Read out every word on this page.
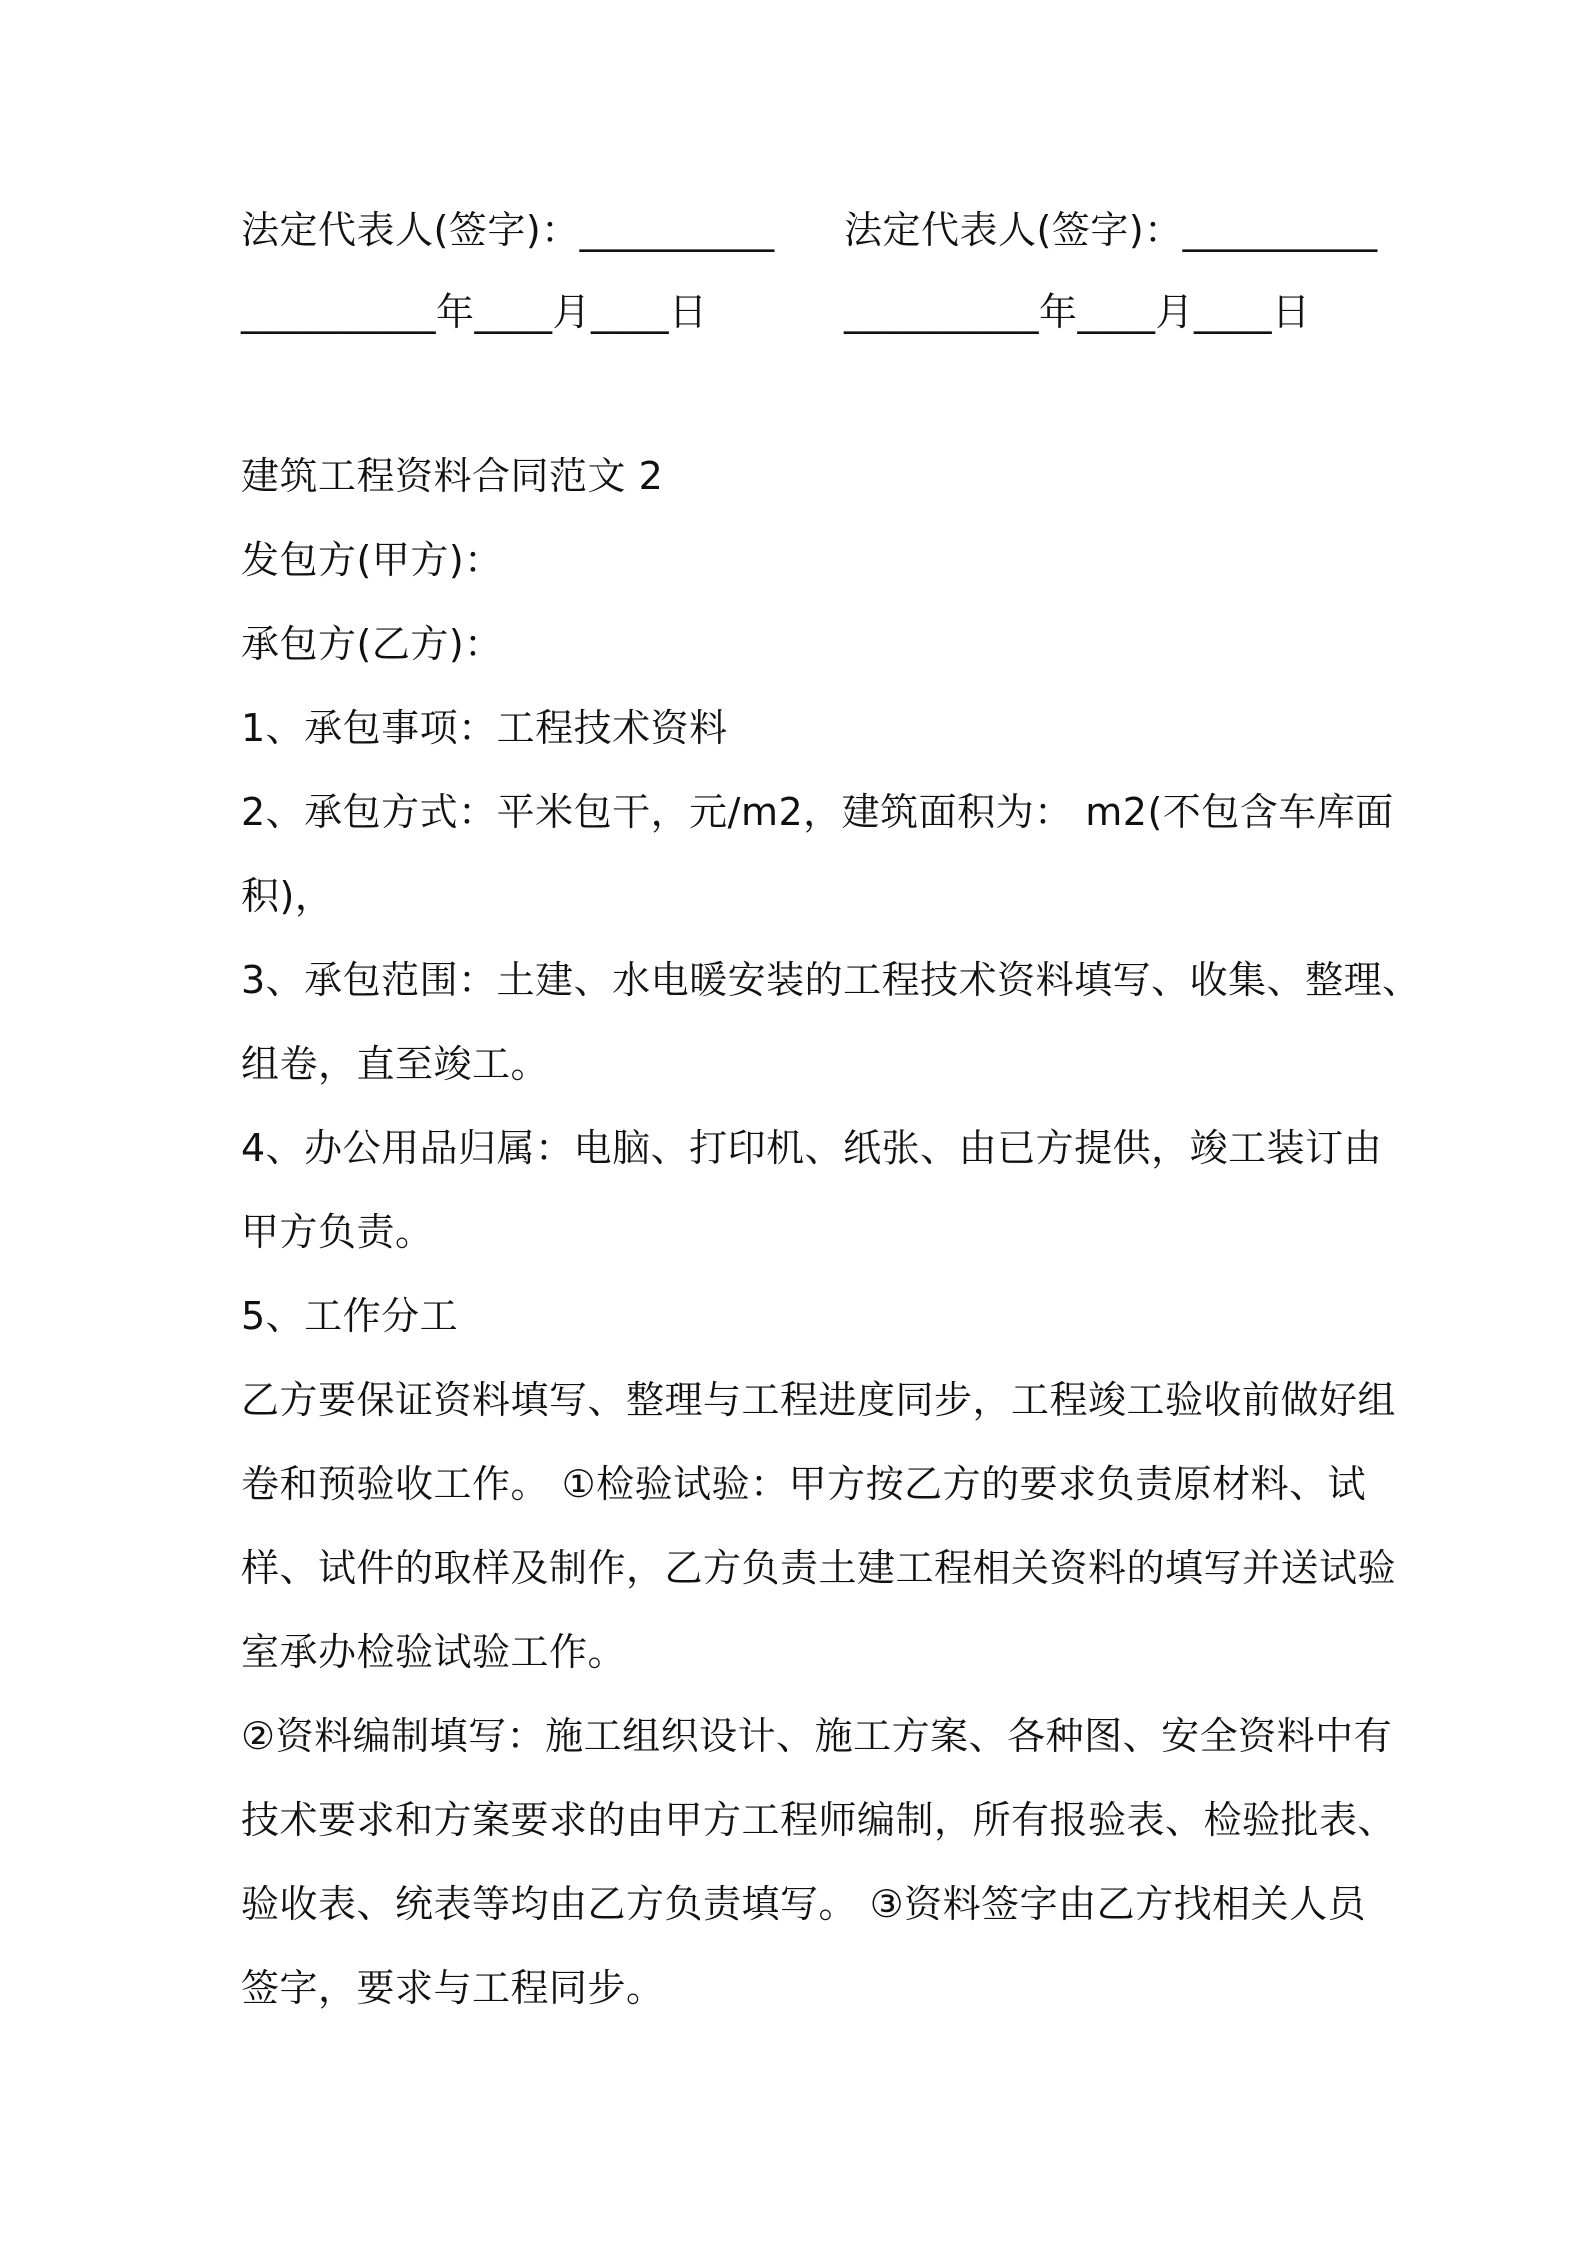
法定代表人(签字)：__________ 法定代表人(签字)：__________
__________年____月____日	__________年____月____日
建筑工程资料合同范文 2
发包方(甲方)：
承包方(乙方)：
1、承包事项：工程技术资料
2、承包方式：平米包干，元/m2，建筑面积为： m2(不包含车库面
积)，
3、承包范围：土建、水电暖安装的工程技术资料填写、收集、整理、
组卷，直至竣工。
4、办公用品归属：电脑、打印机、纸张、由已方提供，竣工装订由
甲方负责。
5、工作分工
乙方要保证资料填写、整理与工程进度同步，工程竣工验收前做好组
卷和预验收工作。 ①检验试验：甲方按乙方的要求负责原材料、试
样、试件的取样及制作，乙方负责土建工程相关资料的填写并送试验
室承办检验试验工作。
②资料编制填写：施工组织设计、施工方案、各种图、安全资料中有
技术要求和方案要求的由甲方工程师编制，所有报验表、检验批表、
验收表、统表等均由乙方负责填写。 ③资料签字由乙方找相关人员
签字，要求与工程同步。
